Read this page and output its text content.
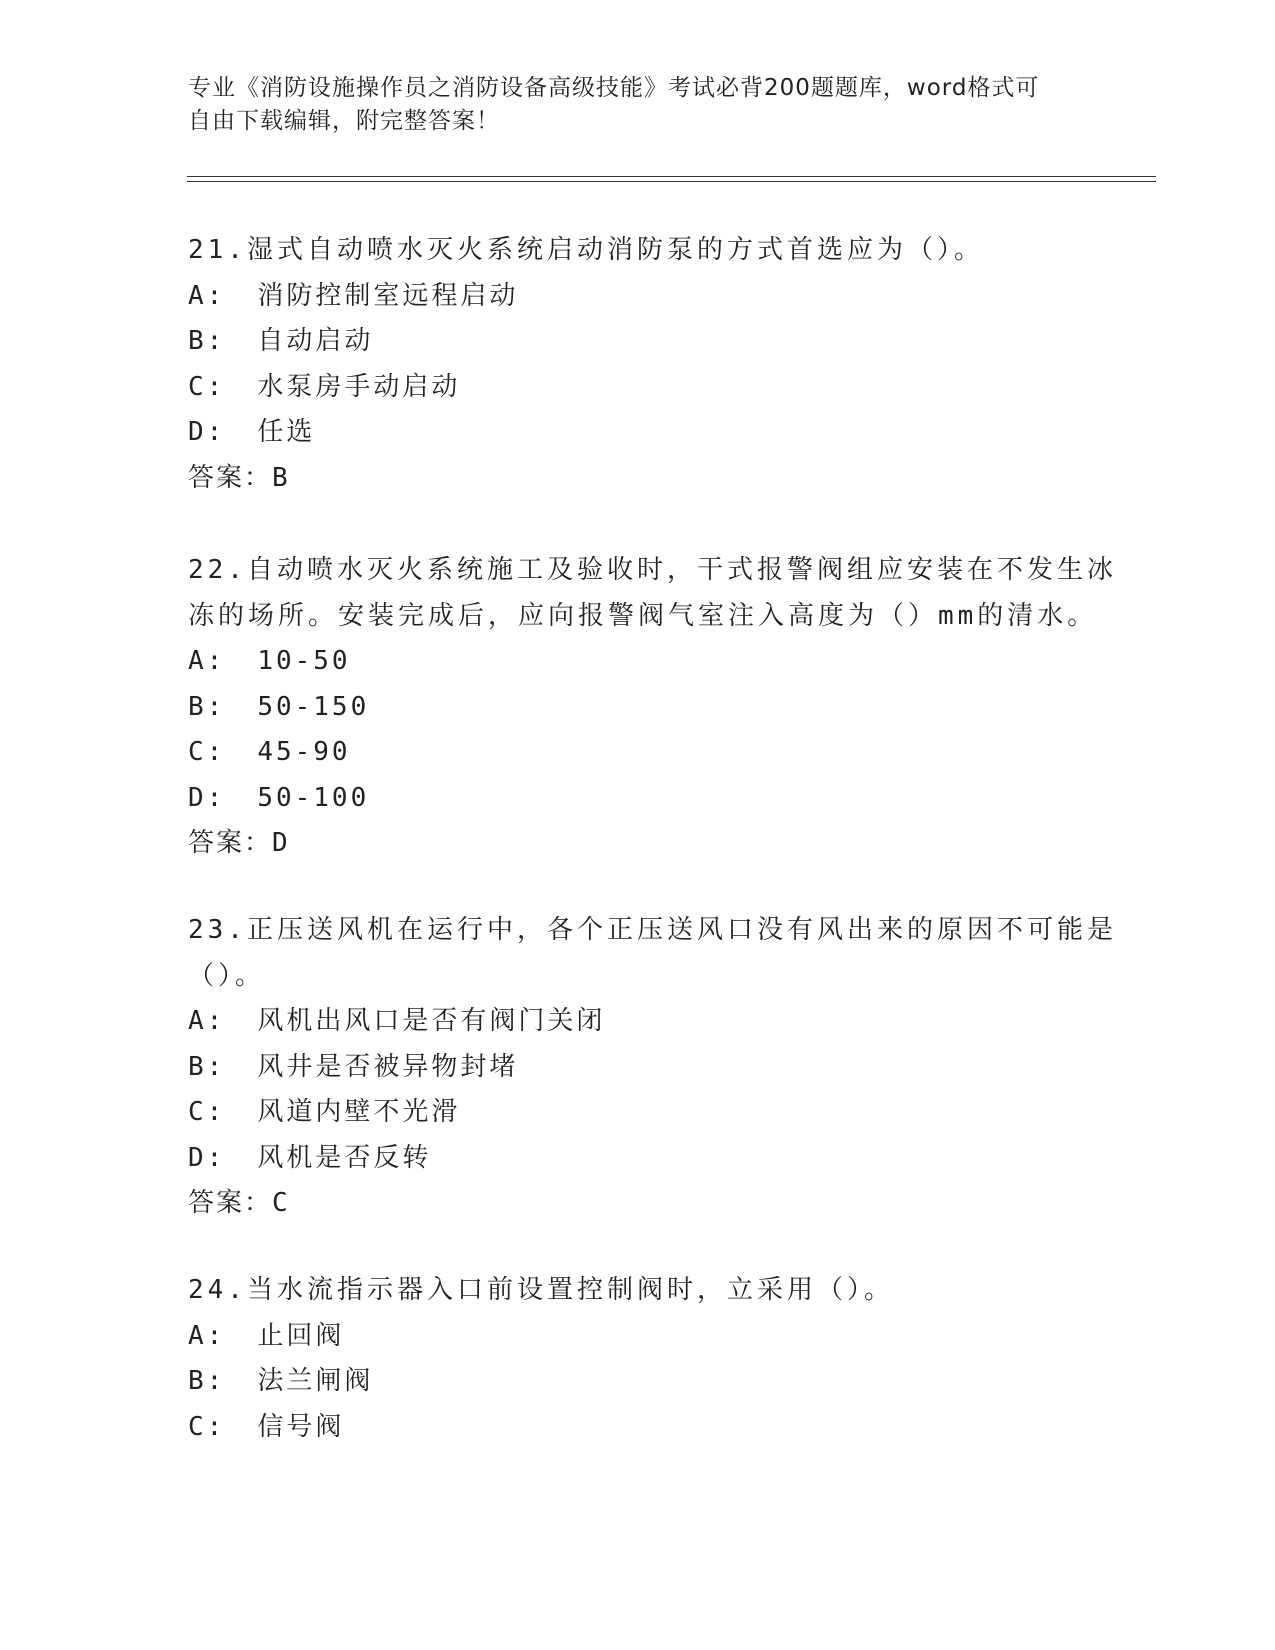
专业《消防设施操作员之消防设备高级技能》考试必背200题题库，word格式可
自由下载编辑，附完整答案！
21.湿式自动喷水灭火系统启动消防泵的方式首选应为（）。
A: 消防控制室远程启动
B: 自动启动
C: 水泵房手动启动
D: 任选
答案：B
22.自动喷水灭火系统施工及验收时，干式报警阀组应安装在不发生冰
冻的场所。安装完成后，应向报警阀气室注入高度为（）mm的清水。
A: 10-50
B: 50-150
C: 45-90
D: 50-100
答案：D
23.正压送风机在运行中，各个正压送风口没有风出来的原因不可能是
（）。
A: 风机出风口是否有阀门关闭
B: 风井是否被异物封堵
C: 风道内壁不光滑
D: 风机是否反转
答案：C
24.当水流指示器入口前设置控制阀时，立采用（）。
A: 止回阀
B: 法兰闸阀
C: 信号阀
